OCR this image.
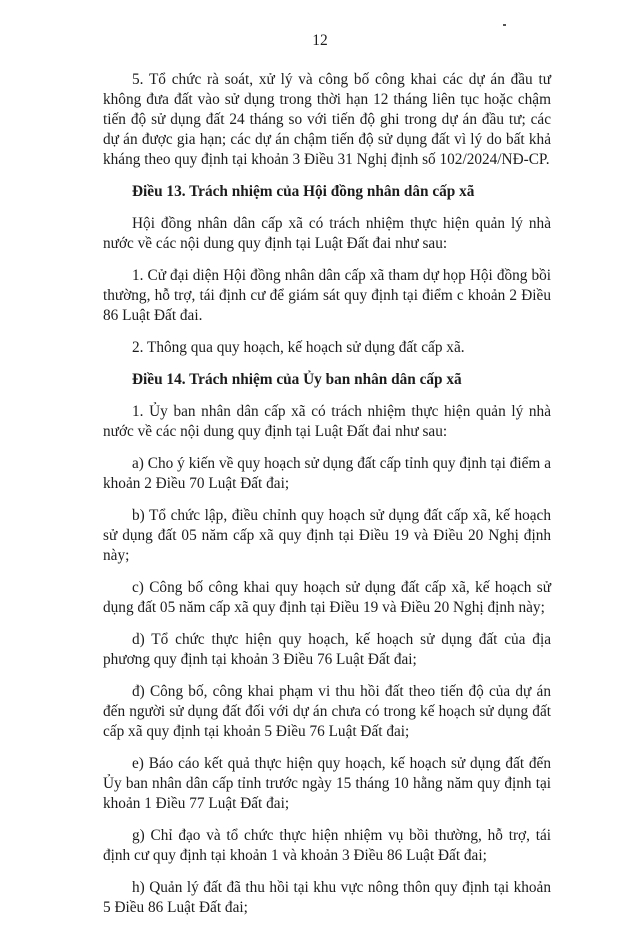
12

5. Tổ chức rà soát, xử lý và công bố công khai các dự án đầu tư không đưa đất vào sử dụng trong thời hạn 12 tháng liên tục hoặc chậm tiến độ sử dụng đất 24 tháng so với tiến độ ghi trong dự án đầu tư; các dự án được gia hạn; các dự án chậm tiến độ sử dụng đất vì lý do bất khả kháng theo quy định tại khoản 3 Điều 31 Nghị định số 102/2024/NĐ-CP.

Điều 13. Trách nhiệm của Hội đồng nhân dân cấp xã

Hội đồng nhân dân cấp xã có trách nhiệm thực hiện quản lý nhà nước về các nội dung quy định tại Luật Đất đai như sau:

1. Cử đại diện Hội đồng nhân dân cấp xã tham dự họp Hội đồng bồi thường, hỗ trợ, tái định cư để giám sát quy định tại điểm c khoản 2 Điều 86 Luật Đất đai.

2. Thông qua quy hoạch, kế hoạch sử dụng đất cấp xã.

Điều 14. Trách nhiệm của Ủy ban nhân dân cấp xã

1. Ủy ban nhân dân cấp xã có trách nhiệm thực hiện quản lý nhà nước về các nội dung quy định tại Luật Đất đai như sau:

a) Cho ý kiến về quy hoạch sử dụng đất cấp tỉnh quy định tại điểm a khoản 2 Điều 70 Luật Đất đai;

b) Tổ chức lập, điều chỉnh quy hoạch sử dụng đất cấp xã, kế hoạch sử dụng đất 05 năm cấp xã quy định tại Điều 19 và Điều 20 Nghị định này;

c) Công bố công khai quy hoạch sử dụng đất cấp xã, kế hoạch sử dụng đất 05 năm cấp xã quy định tại Điều 19 và Điều 20 Nghị định này;

d) Tổ chức thực hiện quy hoạch, kế hoạch sử dụng đất của địa phương quy định tại khoản 3 Điều 76 Luật Đất đai;

đ) Công bố, công khai phạm vi thu hồi đất theo tiến độ của dự án đến người sử dụng đất đối với dự án chưa có trong kế hoạch sử dụng đất cấp xã quy định tại khoản 5 Điều 76 Luật Đất đai;

e) Báo cáo kết quả thực hiện quy hoạch, kế hoạch sử dụng đất đến Ủy ban nhân dân cấp tỉnh trước ngày 15 tháng 10 hằng năm quy định tại khoản 1 Điều 77 Luật Đất đai;

g) Chỉ đạo và tổ chức thực hiện nhiệm vụ bồi thường, hỗ trợ, tái định cư quy định tại khoản 1 và khoản 3 Điều 86 Luật Đất đai;

h) Quản lý đất đã thu hồi tại khu vực nông thôn quy định tại khoản 5 Điều 86 Luật Đất đai;
